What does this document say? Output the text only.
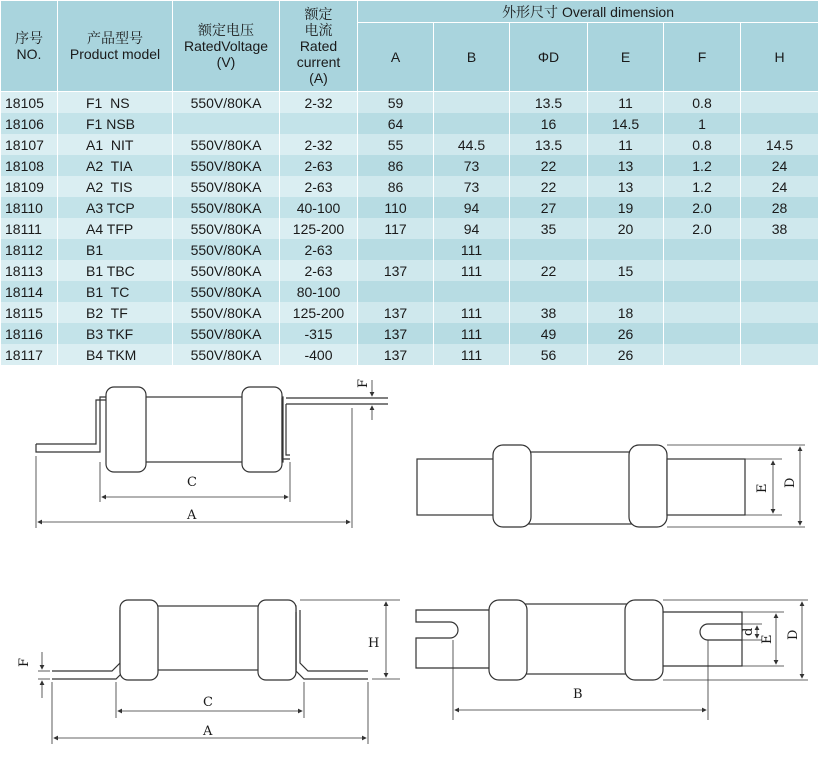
序号
NO.	产品型号
Product model	额定电压
RatedVoltage
(V)	额定
电流
Rated
current
(A)	外形尺寸 Overall dimension					
				A	B	ΦD	E	F	H
18105	F1  NS	550V/80KA	2-32	59		13.5	11	0.8	
18106	F1 NSB			64		16	14.5	1	
18107	A1  NIT	550V/80KA	2-32	55	44.5	13.5	11	0.8	14.5
18108	A2  TIA	550V/80KA	2-63	86	73	22	13	1.2	24
18109	A2  TIS	550V/80KA	2-63	86	73	22	13	1.2	24
18110	A3 TCP	550V/80KA	40-100	110	94	27	19	2.0	28
18111	A4 TFP	550V/80KA	125-200	117	94	35	20	2.0	38
18112	B1	550V/80KA	2-63		111				
18113	B1 TBC	550V/80KA	2-63	137	111	22	15		
18114	B1  TC	550V/80KA	80-100						
18115	B2  TF	550V/80KA	125-200	137	111	38	18		
18116	B3 TKF	550V/80KA	-315	137	111	49	26		
18117	B4 TKM	550V/80KA	-400	137	111	56	26		
C
A
F
E
D
C
A
H
F
B
d
E D
